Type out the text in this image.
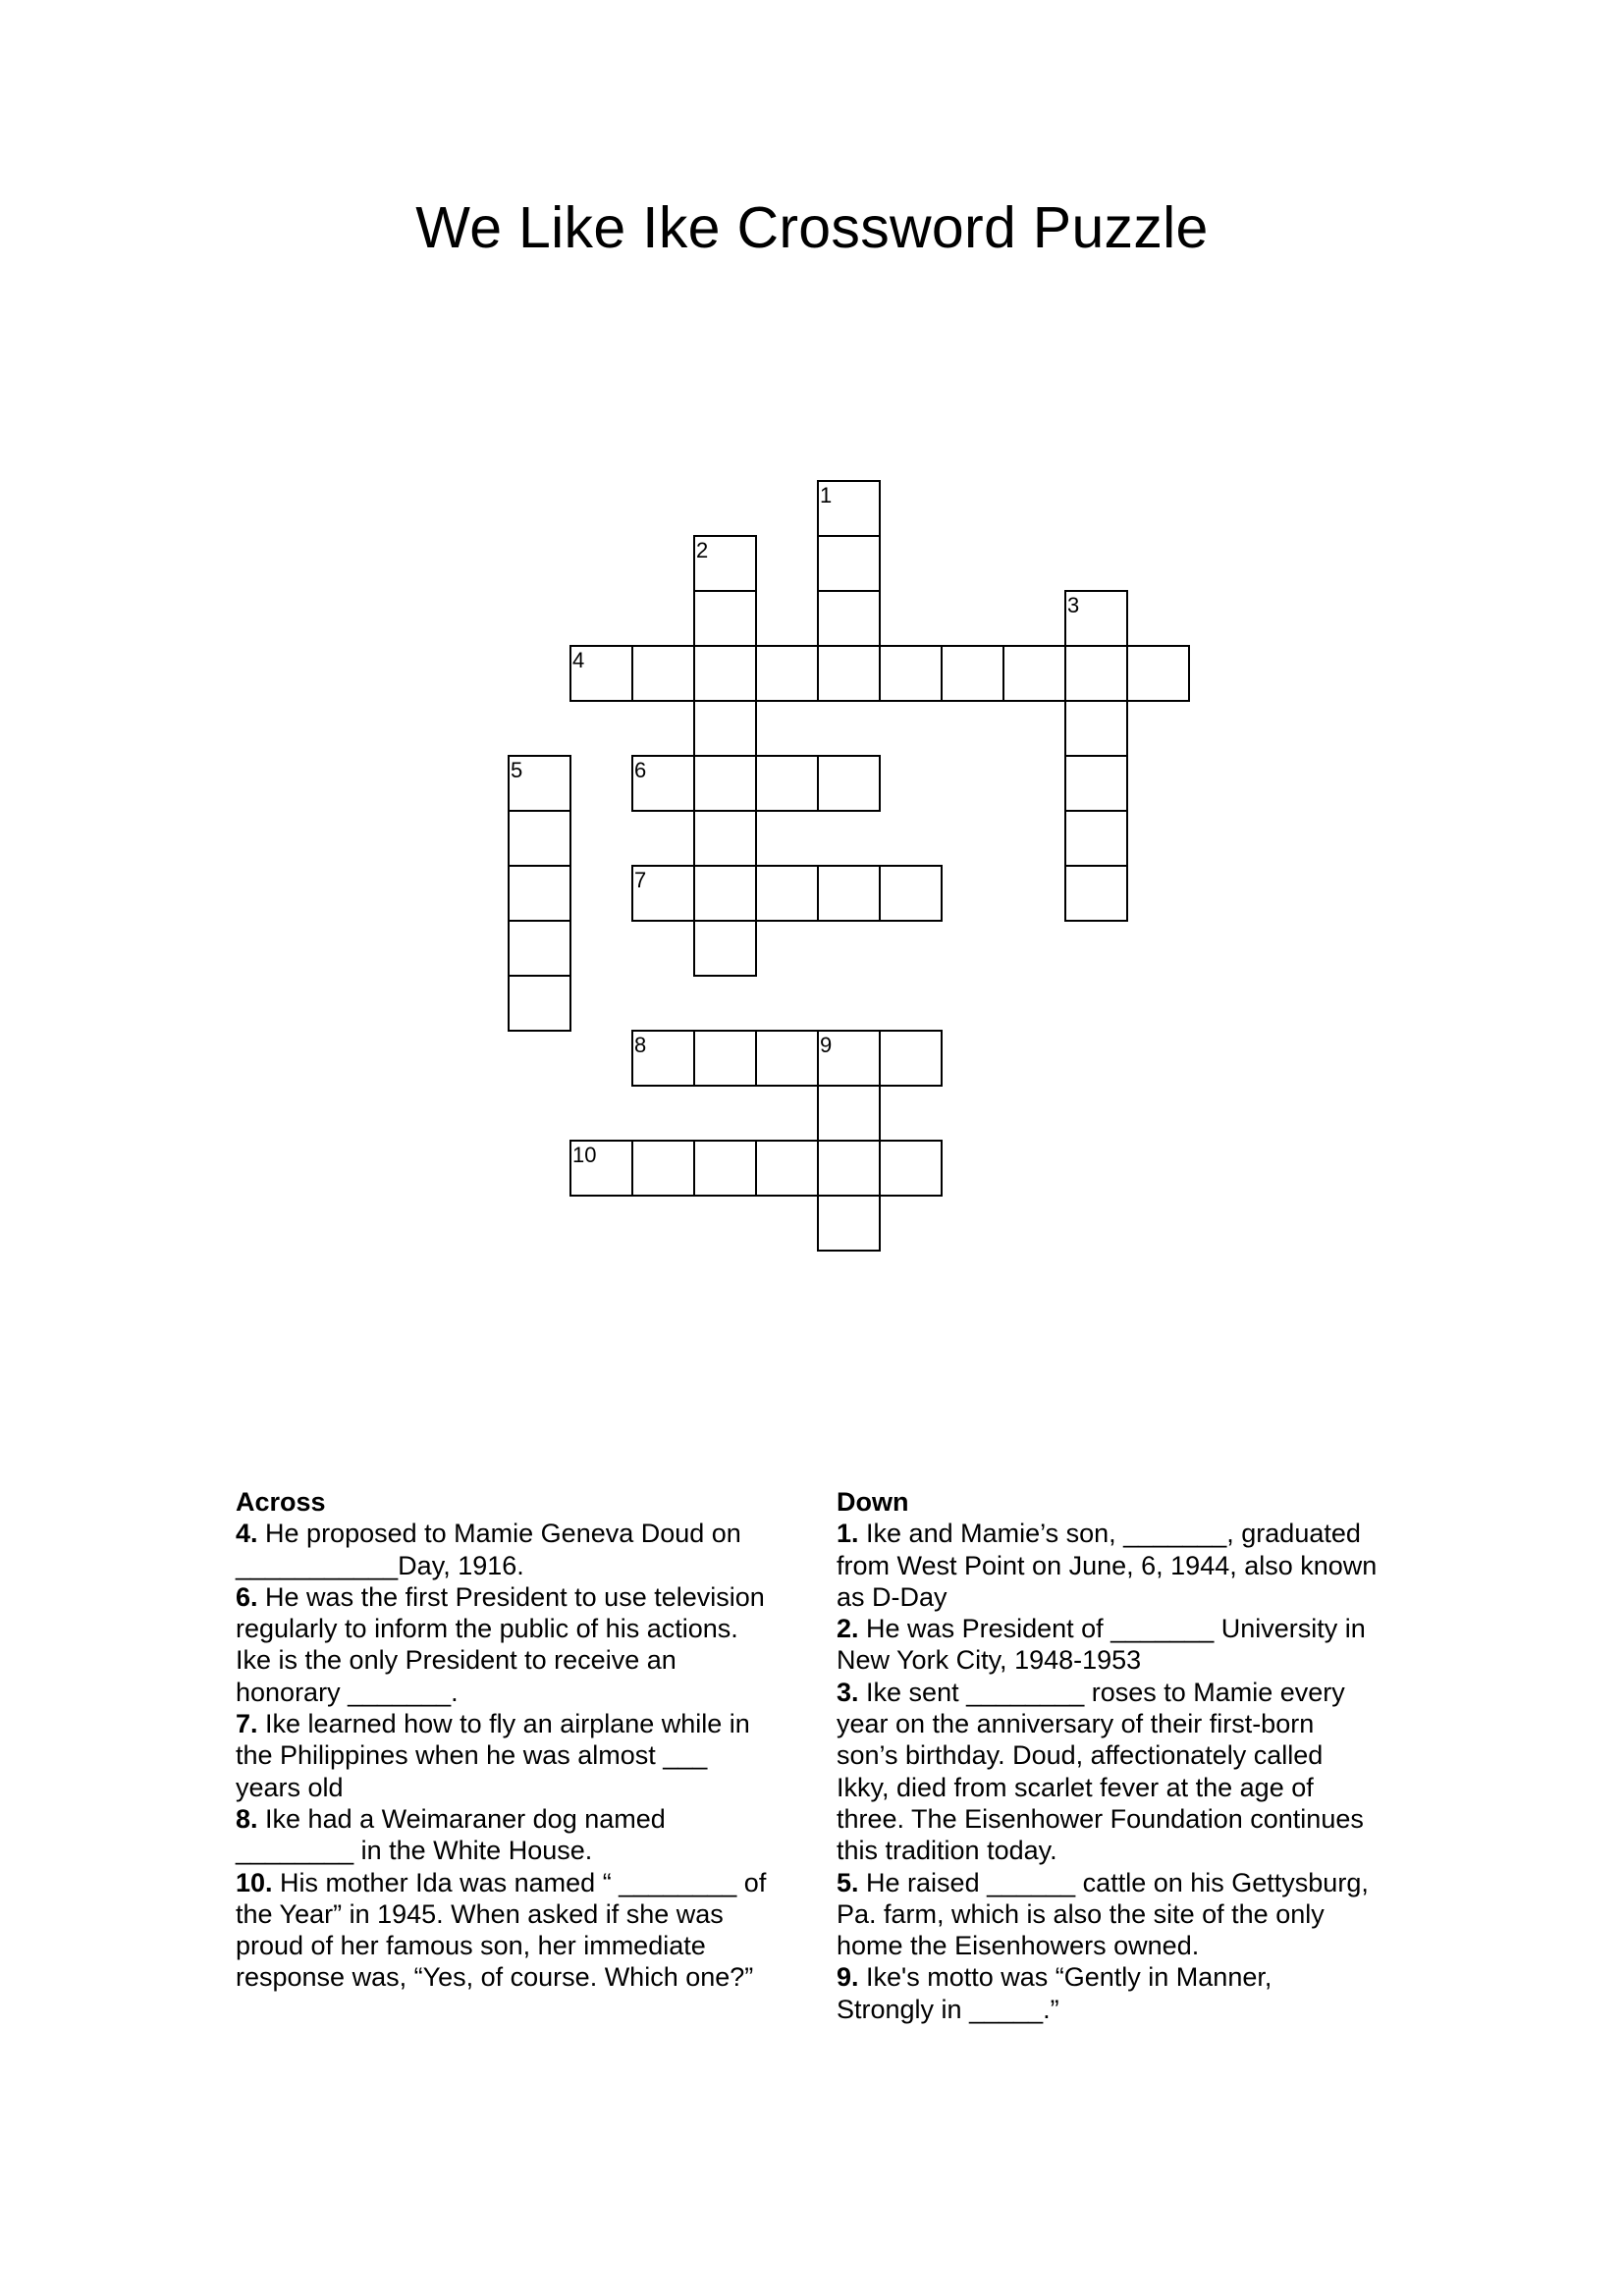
We Like Ike Crossword Puzzle
1
2
3
4
5	6
7
8	9
10
Across
4. He proposed to Mamie Geneva Doud on
___________Day, 1916.
6. He was the first President to use television
regularly to inform the public of his actions.
Ike is the only President to receive an
honorary _______.
7. Ike learned how to fly an airplane while in
the Philippines when he was almost ___
years old
8. Ike had a Weimaraner dog named
________ in the White House.
10. His mother Ida was named “ ________ of
the Year” in 1945. When asked if she was
proud of her famous son, her immediate
response was, “Yes, of course. Which one?”
Down
1. Ike and Mamie’s son, _______, graduated
from West Point on June, 6, 1944, also known
as D-Day
2. He was President of _______ University in
New York City, 1948-1953
3. Ike sent ________ roses to Mamie every
year on the anniversary of their first-born
son’s birthday. Doud, affectionately called
Ikky, died from scarlet fever at the age of
three. The Eisenhower Foundation continues
this tradition today.
5. He raised ______ cattle on his Gettysburg,
Pa. farm, which is also the site of the only
home the Eisenhowers owned.
9. Ike's motto was “Gently in Manner,
Strongly in _____.”
